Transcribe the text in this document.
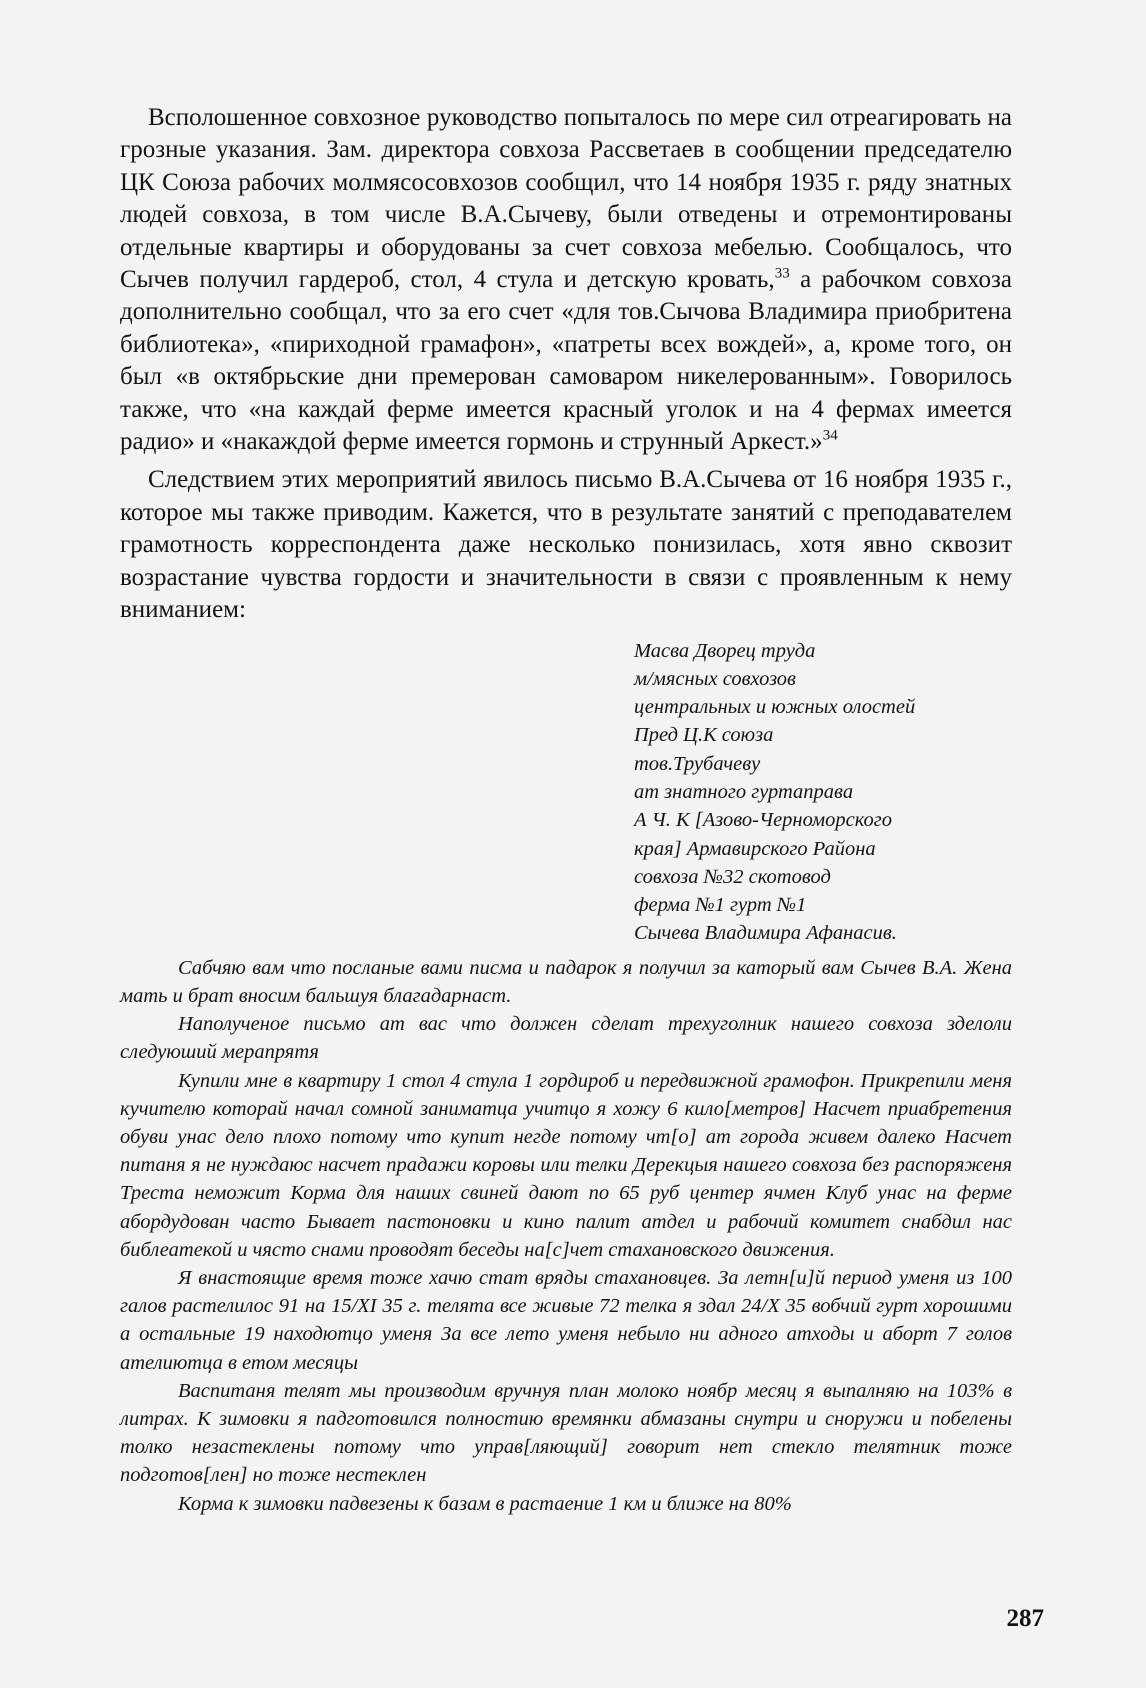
Всполошенное совхозное руководство попыталось по мере сил отреагировать на грозные указания. Зам. директора совхоза Рассветаев в сообщении председателю ЦК Союза рабочих молмясосовхозов сообщил, что 14 ноября 1935 г. ряду знатных людей совхоза, в том числе В.А.Сычеву, были отведены и отремонтированы отдельные квартиры и оборудованы за счет совхоза мебелью. Сообщалось, что Сычев получил гардероб, стол, 4 стула и детскую кровать,$^{33}$ а рабочком совхоза дополнительно сообщал, что за его счет «для тов.Сычова Владимира приобритена библиотека», «пириходной грамафон», «патреты всех вождей», а, кроме того, он был «в октябрьские дни премерован самоваром никелерованным». Говорилось также, что «на каждай ферме имеется красный уголок и на 4 фермах имеется радио» и «накаждой ферме имеется гормонь и струнный Аркест.»$^{34}$

Следствием этих мероприятий явилось письмо В.А.Сычева от 16 ноября 1935 г., которое мы также приводим. Кажется, что в результате занятий с преподавателем грамотность корреспондента даже несколько понизилась, хотя явно сквозит возрастание чувства гордости и значительности в связи с проявленным к нему вниманием:

Масва Дворец труда
м/мясных совхозов
центральных и южных олостей
Пред Ц.К союза
тов.Трубачеву
ат знатного гуртаправа
А Ч. К [Азово-Черноморского
края] Армавирского Района
совхоза №32 скотовод
ферма №1 гурт №1
Сычева Владимира Афанасив.

Сабчяю вам что посланые вами писма и падарок я получил за каторый вам Сычев В.А. Жена мать и брат вносим бальшуя благадарнаст.

Наполученое письмо ат вас что должен сделат трехуголник нашего совхоза зделоли следуюший мерапрятя

Купили мне в квартиру 1 стол 4 стула 1 гордироб и передвижной грамофон. Прикрепили меня кучителю которай начал сомной заниматца учитцо я хожу 6 кило[метров] Насчет приабретения обуви унас дело плохо потому что купит негде потому чт[о] ат города живем далеко Насчет питаня я не нуждаюс насчет прадажи коровы или телки Дерекцыя нашего совхоза без распоряженя Треста неможит Корма для наших свиней дают по 65 руб центер ячмен Клуб унас на ферме абордудован часто Бывает пастоновки и кино палит атдел и рабочий комитет снабдил нас библеатекой и чясто снами проводят беседы на[с]чет стахановского движения.

Я внастоящие время тоже хачю стат вряды стахановцев. За летн[и]й период уменя из 100 галов растелилос 91 на 15/XI 35 г. телята все живые 72 телка я здал 24/X 35 вобчий гурт хорошими а остальные 19 находютцо уменя За все лето уменя небыло ни адного атходы и аборт 7 голов ателиютца в етом месяцы

Васпитаня телят мы производим вручнуя план молоко ноябр месяц я выпалняю на 103% в литрах. К зимовки я падготовился полностию времянки абмазаны снутри и снорyжи и побелены толко незастеклены потому что управ[ляющий] говорит нет стекло телятник тоже подготов[лен] но тоже нестеклен

Корма к зимовки падвезены к базам в растаение 1 км и ближе на 80%

287
